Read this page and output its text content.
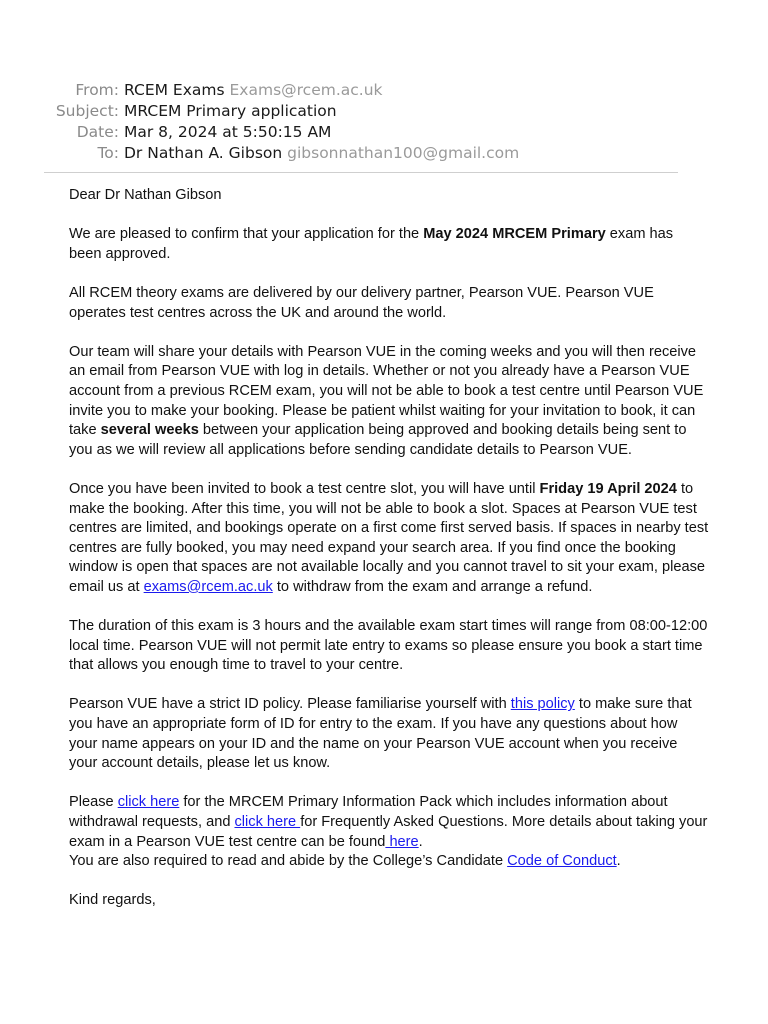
From: RCEM Exams Exams@rcem.ac.uk
Subject: MRCEM Primary application
Date: Mar 8, 2024 at 5:50:15 AM
To: Dr Nathan A. Gibson gibsonnathan100@gmail.com

Dear Dr Nathan Gibson

We are pleased to confirm that your application for the May 2024 MRCEM Primary exam has been approved.

All RCEM theory exams are delivered by our delivery partner, Pearson VUE. Pearson VUE operates test centres across the UK and around the world.

Our team will share your details with Pearson VUE in the coming weeks and you will then receive an email from Pearson VUE with log in details. Whether or not you already have a Pearson VUE account from a previous RCEM exam, you will not be able to book a test centre until Pearson VUE invite you to make your booking. Please be patient whilst waiting for your invitation to book, it can take several weeks between your application being approved and booking details being sent to you as we will review all applications before sending candidate details to Pearson VUE.

Once you have been invited to book a test centre slot, you will have until Friday 19 April 2024 to make the booking. After this time, you will not be able to book a slot. Spaces at Pearson VUE test centres are limited, and bookings operate on a first come first served basis. If spaces in nearby test centres are fully booked, you may need expand your search area. If you find once the booking window is open that spaces are not available locally and you cannot travel to sit your exam, please email us at exams@rcem.ac.uk to withdraw from the exam and arrange a refund.

The duration of this exam is 3 hours and the available exam start times will range from 08:00-12:00 local time. Pearson VUE will not permit late entry to exams so please ensure you book a start time that allows you enough time to travel to your centre.

Pearson VUE have a strict ID policy. Please familiarise yourself with this policy to make sure that you have an appropriate form of ID for entry to the exam. If you have any questions about how your name appears on your ID and the name on your Pearson VUE account when you receive your account details, please let us know.

Please click here for the MRCEM Primary Information Pack which includes information about withdrawal requests, and click here for Frequently Asked Questions. More details about taking your exam in a Pearson VUE test centre can be found here.

You are also required to read and abide by the College’s Candidate Code of Conduct.

Kind regards,
